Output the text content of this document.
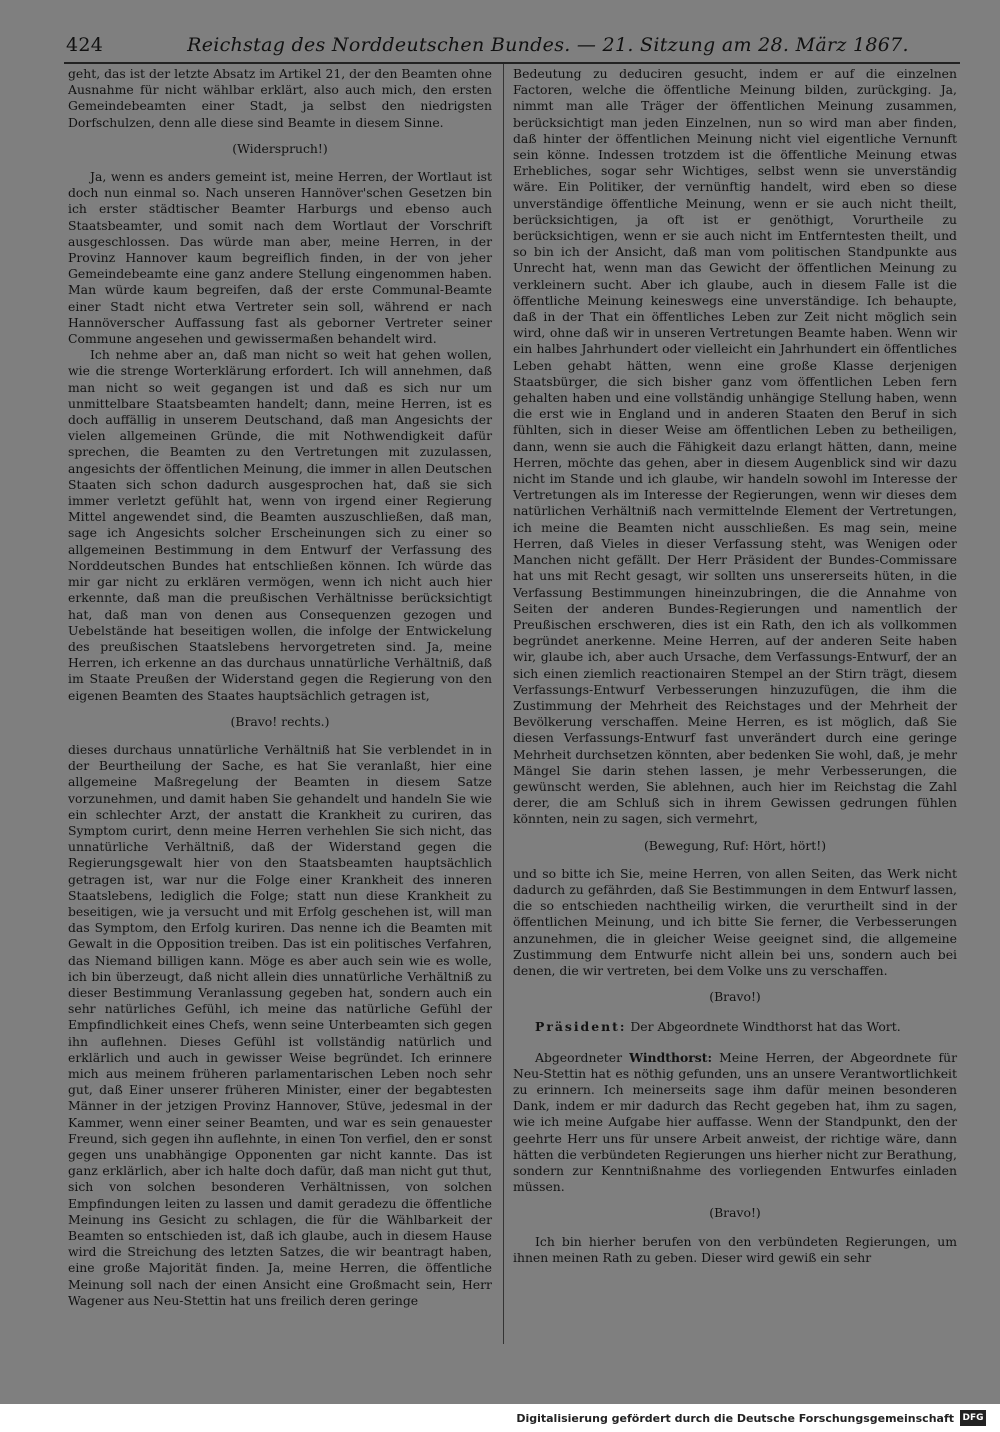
424	Reichstag des Norddeutschen Bundes. — 21. Sitzung am 28. März 1867.

geht, das ist der letzte Absatz im Artikel 21, der den Beamten ohne Ausnahme für nicht wählbar erklärt, also auch mich, den ersten Gemeindebeamten einer Stadt, ja selbst den niedrigsten Dorfschulzen, denn alle diese sind Beamte in diesem Sinne.

(Widerspruch!)

Ja, wenn es anders gemeint ist, meine Herren, der Wortlaut ist doch nun einmal so. Nach unseren Hannöver'schen Gesetzen bin ich erster städtischer Beamter Harburgs und ebenso auch Staatsbeamter, und somit nach dem Wortlaut der Vorschrift ausgeschlossen. Das würde man aber, meine Herren, in der Provinz Hannover kaum begreiflich finden, in der von jeher Gemeindebeamte eine ganz andere Stellung eingenommen haben. Man würde kaum begreifen, daß der erste Communal-Beamte einer Stadt nicht etwa Vertreter sein soll, während er nach Hannöverscher Auffassung fast als geborner Vertreter seiner Commune angesehen und gewissermaßen behandelt wird.

Ich nehme aber an, daß man nicht so weit hat gehen wollen, wie die strenge Worterklärung erfordert. Ich will annehmen, daß man nicht so weit gegangen ist und daß es sich nur um unmittelbare Staatsbeamten handelt; dann, meine Herren, ist es doch auffällig in unserem Deutschand, daß man Angesichts der vielen allgemeinen Gründe, die mit Nothwendigkeit dafür sprechen, die Beamten zu den Vertretungen mit zuzulassen, angesichts der öffentlichen Meinung, die immer in allen Deutschen Staaten sich schon dadurch ausgesprochen hat, daß sie sich immer verletzt gefühlt hat, wenn von irgend einer Regierung Mittel angewendet sind, die Beamten auszuschließen, daß man, sage ich Angesichts solcher Erscheinungen sich zu einer so allgemeinen Bestimmung in dem Entwurf der Verfassung des Norddeutschen Bundes hat entschließen können. Ich würde das mir gar nicht zu erklären vermögen, wenn ich nicht auch hier erkennte, daß man die preußischen Verhältnisse berücksichtigt hat, daß man von denen aus Consequenzen gezogen und Uebelstände hat beseitigen wollen, die infolge der Entwickelung des preußischen Staatslebens hervorgetreten sind. Ja, meine Herren, ich erkenne an das durchaus unnatürliche Verhältniß, daß im Staate Preußen der Widerstand gegen die Regierung von den eigenen Beamten des Staates hauptsächlich getragen ist,

(Bravo! rechts.)

dieses durchaus unnatürliche Verhältniß hat Sie verblendet in in der Beurtheilung der Sache, es hat Sie veranlaßt, hier eine allgemeine Maßregelung der Beamten in diesem Satze vorzunehmen, und damit haben Sie gehandelt und handeln Sie wie ein schlechter Arzt, der anstatt die Krankheit zu curiren, das Symptom curirt, denn meine Herren verhehlen Sie sich nicht, das unnatürliche Verhältniß, daß der Widerstand gegen die Regierungsgewalt hier von den Staatsbeamten hauptsächlich getragen ist, war nur die Folge einer Krankheit des inneren Staatslebens, lediglich die Folge; statt nun diese Krankheit zu beseitigen, wie ja versucht und mit Erfolg geschehen ist, will man das Symptom, den Erfolg kuriren. Das nenne ich die Beamten mit Gewalt in die Opposition treiben. Das ist ein politisches Verfahren, das Niemand billigen kann. Möge es aber auch sein wie es wolle, ich bin überzeugt, daß nicht allein dies unnatürliche Verhältniß zu dieser Bestimmung Veranlassung gegeben hat, sondern auch ein sehr natürliches Gefühl, ich meine das natürliche Gefühl der Empfindlichkeit eines Chefs, wenn seine Unterbeamten sich gegen ihn auflehnen. Dieses Gefühl ist vollständig natürlich und erklärlich und auch in gewisser Weise begründet. Ich erinnere mich aus meinem früheren parlamentarischen Leben noch sehr gut, daß Einer unserer früheren Minister, einer der begabtesten Männer in der jetzigen Provinz Hannover, Stüve, jedesmal in der Kammer, wenn einer seiner Beamten, und war es sein genauester Freund, sich gegen ihn auflehnte, in einen Ton verfiel, den er sonst gegen uns unabhängige Opponenten gar nicht kannte. Das ist ganz erklärlich, aber ich halte doch dafür, daß man nicht gut thut, sich von solchen besonderen Verhältnissen, von solchen Empfindungen leiten zu lassen und damit geradezu die öffentliche Meinung ins Gesicht zu schlagen, die für die Wählbarkeit der Beamten so entschieden ist, daß ich glaube, auch in diesem Hause wird die Streichung des letzten Satzes, die wir beantragt haben, eine große Majorität finden. Ja, meine Herren, die öffentliche Meinung soll nach der einen Ansicht eine Großmacht sein, Herr Wagener aus Neu-Stettin hat uns freilich deren geringe

Bedeutung zu deduciren gesucht, indem er auf die einzelnen Factoren, welche die öffentliche Meinung bilden, zurückging. Ja, nimmt man alle Träger der öffentlichen Meinung zusammen, berücksichtigt man jeden Einzelnen, nun so wird man aber finden, daß hinter der öffentlichen Meinung nicht viel eigentliche Vernunft sein könne. Indessen trotzdem ist die öffentliche Meinung etwas Erhebliches, sogar sehr Wichtiges, selbst wenn sie unverständig wäre. Ein Politiker, der vernünftig handelt, wird eben so diese unverständige öffentliche Meinung, wenn er sie auch nicht theilt, berücksichtigen, ja oft ist er genöthigt, Vorurtheile zu berücksichtigen, wenn er sie auch nicht im Entferntesten theilt, und so bin ich der Ansicht, daß man vom politischen Standpunkte aus Unrecht hat, wenn man das Gewicht der öffentlichen Meinung zu verkleinern sucht. Aber ich glaube, auch in diesem Falle ist die öffentliche Meinung keineswegs eine unverständige. Ich behaupte, daß in der That ein öffentliches Leben zur Zeit nicht möglich sein wird, ohne daß wir in unseren Vertretungen Beamte haben. Wenn wir ein halbes Jahrhundert oder vielleicht ein Jahrhundert ein öffentliches Leben gehabt hätten, wenn eine große Klasse derjenigen Staatsbürger, die sich bisher ganz vom öffentlichen Leben fern gehalten haben und eine vollständig unhängige Stellung haben, wenn die erst wie in England und in anderen Staaten den Beruf in sich fühlten, sich in dieser Weise am öffentlichen Leben zu betheiligen, dann, wenn sie auch die Fähigkeit dazu erlangt hätten, dann, meine Herren, möchte das gehen, aber in diesem Augenblick sind wir dazu nicht im Stande und ich glaube, wir handeln sowohl im Interesse der Vertretungen als im Interesse der Regierungen, wenn wir dieses dem natürlichen Verhältniß nach vermittelnde Element der Vertretungen, ich meine die Beamten nicht ausschließen. Es mag sein, meine Herren, daß Vieles in dieser Verfassung steht, was Wenigen oder Manchen nicht gefällt. Der Herr Präsident der Bundes-Commissare hat uns mit Recht gesagt, wir sollten uns unsererseits hüten, in die Verfassung Bestimmungen hineinzubringen, die die Annahme von Seiten der anderen Bundes-Regierungen und namentlich der Preußischen erschweren, dies ist ein Rath, den ich als vollkommen begründet anerkenne. Meine Herren, auf der anderen Seite haben wir, glaube ich, aber auch Ursache, dem Verfassungs-Entwurf, der an sich einen ziemlich reactionairen Stempel an der Stirn trägt, diesem Verfassungs-Entwurf Verbesserungen hinzuzufügen, die ihm die Zustimmung der Mehrheit des Reichstages und der Mehrheit der Bevölkerung verschaffen. Meine Herren, es ist möglich, daß Sie diesen Verfassungs-Entwurf fast unverändert durch eine geringe Mehrheit durchsetzen könnten, aber bedenken Sie wohl, daß, je mehr Mängel Sie darin stehen lassen, je mehr Verbesserungen, die gewünscht werden, Sie ablehnen, auch hier im Reichstag die Zahl derer, die am Schluß sich in ihrem Gewissen gedrungen fühlen könnten, nein zu sagen, sich vermehrt,

(Bewegung, Ruf: Hört, hört!)

und so bitte ich Sie, meine Herren, von allen Seiten, das Werk nicht dadurch zu gefährden, daß Sie Bestimmungen in dem Entwurf lassen, die so entschieden nachtheilig wirken, die verurtheilt sind in der öffentlichen Meinung, und ich bitte Sie ferner, die Verbesserungen anzunehmen, die in gleicher Weise geeignet sind, die allgemeine Zustimmung dem Entwurfe nicht allein bei uns, sondern auch bei denen, die wir vertreten, bei dem Volke uns zu verschaffen.

(Bravo!)

Präsident: Der Abgeordnete Windthorst hat das Wort.

Abgeordneter Windthorst: Meine Herren, der Abgeordnete für Neu-Stettin hat es nöthig gefunden, uns an unsere Verantwortlichkeit zu erinnern. Ich meinerseits sage ihm dafür meinen besonderen Dank, indem er mir dadurch das Recht gegeben hat, ihm zu sagen, wie ich meine Aufgabe hier auffasse. Wenn der Standpunkt, den der geehrte Herr uns für unsere Arbeit anweist, der richtige wäre, dann hätten die verbündeten Regierungen uns hierher nicht zur Berathung, sondern zur Kenntnißnahme des vorliegenden Entwurfes einladen müssen.

(Bravo!)

Ich bin hierher berufen von den verbündeten Regierungen, um ihnen meinen Rath zu geben. Dieser wird gewiß ein sehr

Digitalisierung gefördert durch die Deutsche Forschungsgemeinschaft DFG
